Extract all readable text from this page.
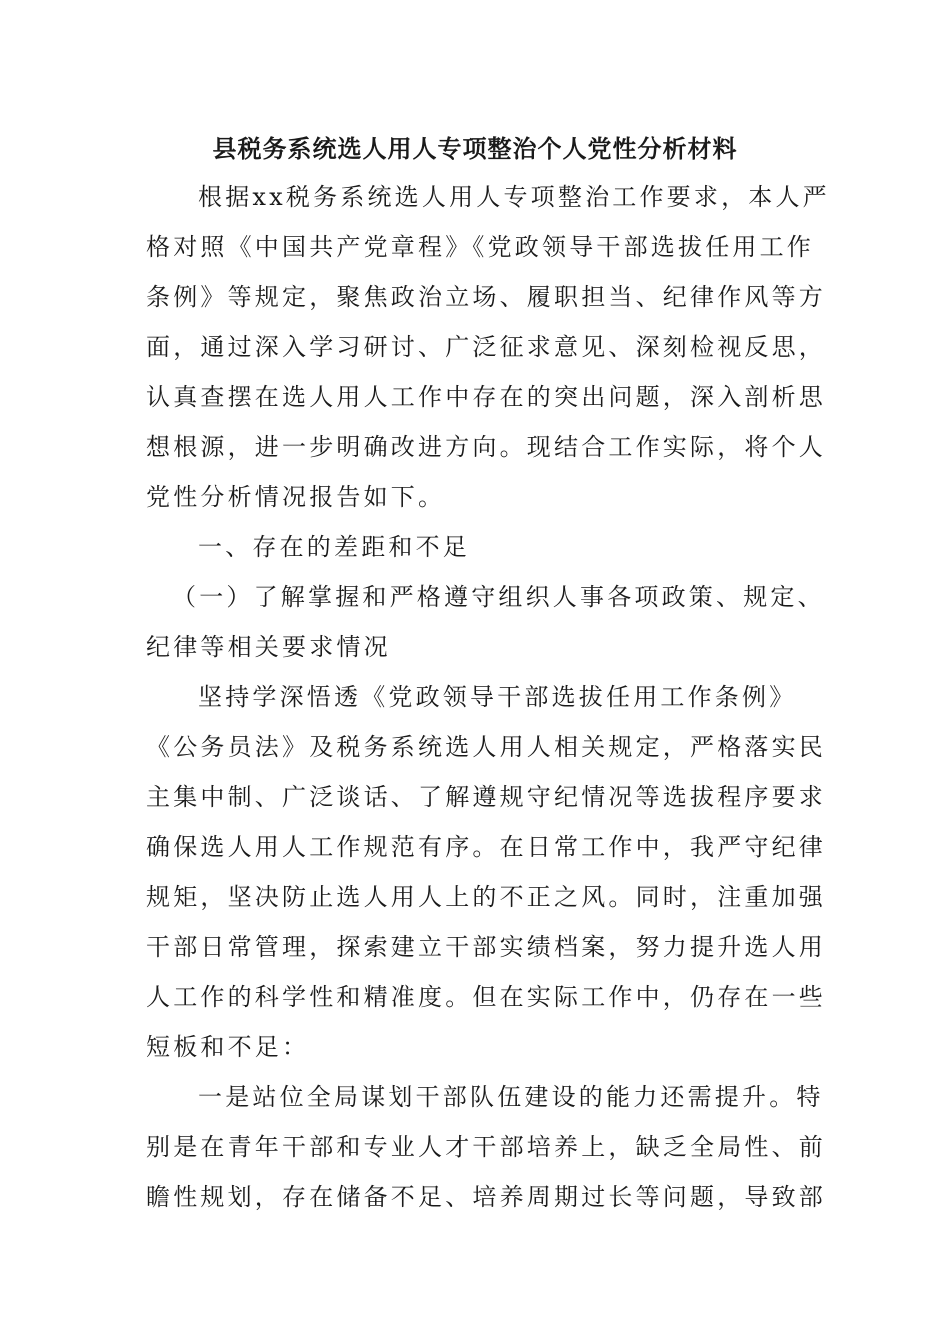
县税务系统选人用人专项整治个人党性分析材料
根据xx税务系统选人用人专项整治工作要求，本人严
格对照《中国共产党章程》《党政领导干部选拔任用工作
条例》等规定，聚焦政治立场、履职担当、纪律作风等方
面，通过深入学习研讨、广泛征求意见、深刻检视反思，
认真查摆在选人用人工作中存在的突出问题，深入剖析思
想根源，进一步明确改进方向。现结合工作实际，将个人
党性分析情况报告如下。
一、存在的差距和不足
（一）了解掌握和严格遵守组织人事各项政策、规定、
纪律等相关要求情况
坚持学深悟透《党政领导干部选拔任用工作条例》
《公务员法》及税务系统选人用人相关规定，严格落实民
主集中制、广泛谈话、了解遵规守纪情况等选拔程序要求
确保选人用人工作规范有序。在日常工作中，我严守纪律
规矩，坚决防止选人用人上的不正之风。同时，注重加强
干部日常管理，探索建立干部实绩档案，努力提升选人用
人工作的科学性和精准度。但在实际工作中，仍存在一些
短板和不足：
一是站位全局谋划干部队伍建设的能力还需提升。特
别是在青年干部和专业人才干部培养上，缺乏全局性、前
瞻性规划，存在储备不足、培养周期过长等问题，导致部
